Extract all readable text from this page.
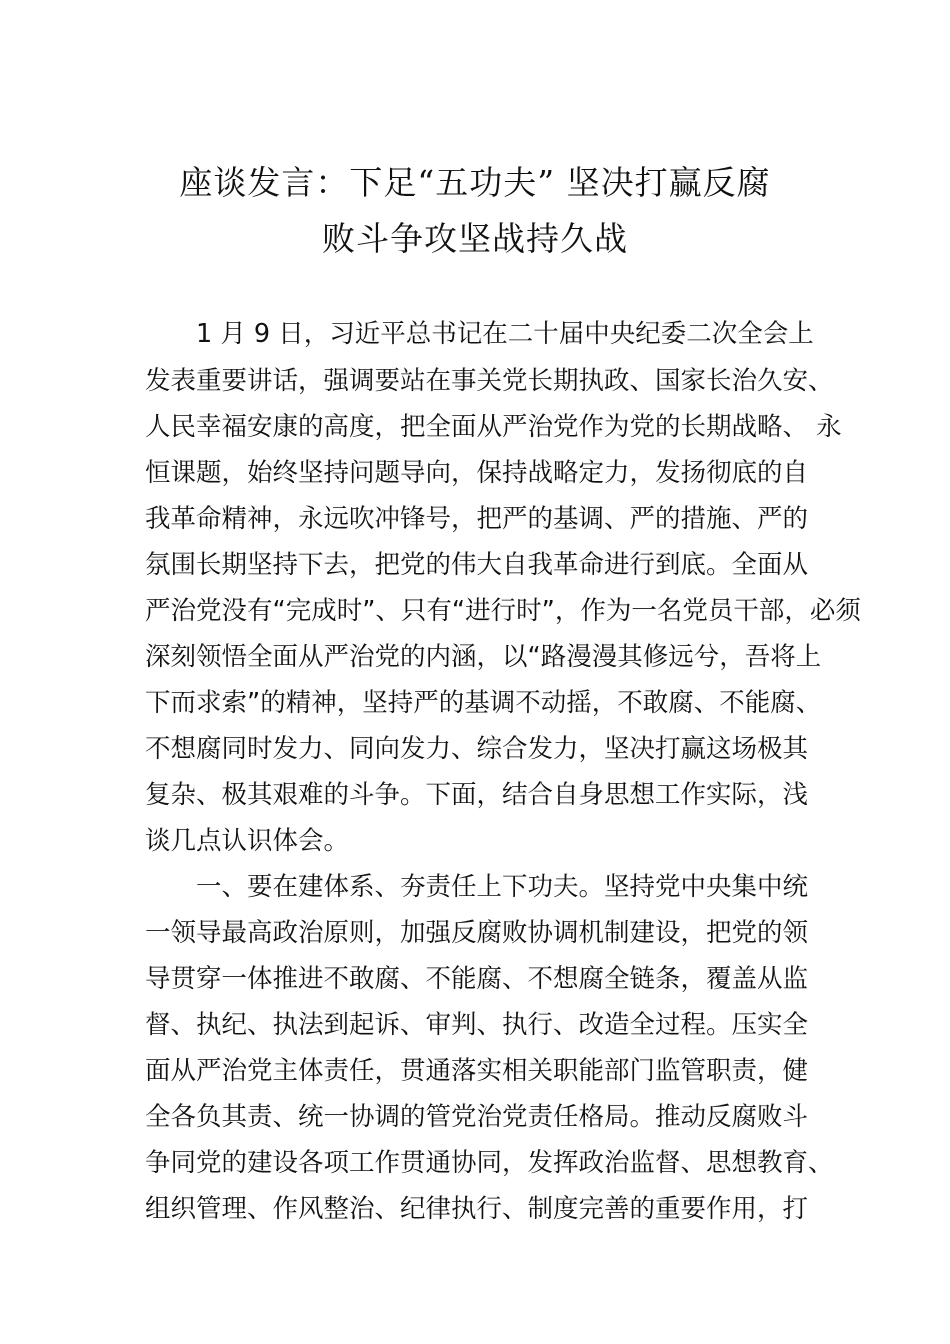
座谈发言：下足“五功夫” 坚决打赢反腐
败斗争攻坚战持久战
1 月 9 日，习近平总书记在二十届中央纪委二次全会上
发表重要讲话，强调要站在事关党长期执政、国家长治久安、
人民幸福安康的高度，把全面从严治党作为党的长期战略、 永
恒课题，始终坚持问题导向，保持战略定力，发扬彻底的自
我革命精神，永远吹冲锋号，把严的基调、严的措施、严的
氛围长期坚持下去，把党的伟大自我革命进行到底。全面从
严治党没有“完成时”、只有“进行时”，作为一名党员干部，必须
深刻领悟全面从严治党的内涵，以“路漫漫其修远兮，吾将上
下而求索”的精神，坚持严的基调不动摇，不敢腐、不能腐、
不想腐同时发力、同向发力、综合发力，坚决打赢这场极其
复杂、极其艰难的斗争。下面，结合自身思想工作实际，浅
谈几点认识体会。
一、要在建体系、夯责任上下功夫。坚持党中央集中统
一领导最高政治原则，加强反腐败协调机制建设，把党的领
导贯穿一体推进不敢腐、不能腐、不想腐全链条，覆盖从监
督、执纪、执法到起诉、审判、执行、改造全过程。压实全
面从严治党主体责任，贯通落实相关职能部门监管职责，健
全各负其责、统一协调的管党治党责任格局。推动反腐败斗
争同党的建设各项工作贯通协同，发挥政治监督、思想教育、
组织管理、作风整治、纪律执行、制度完善的重要作用，打
